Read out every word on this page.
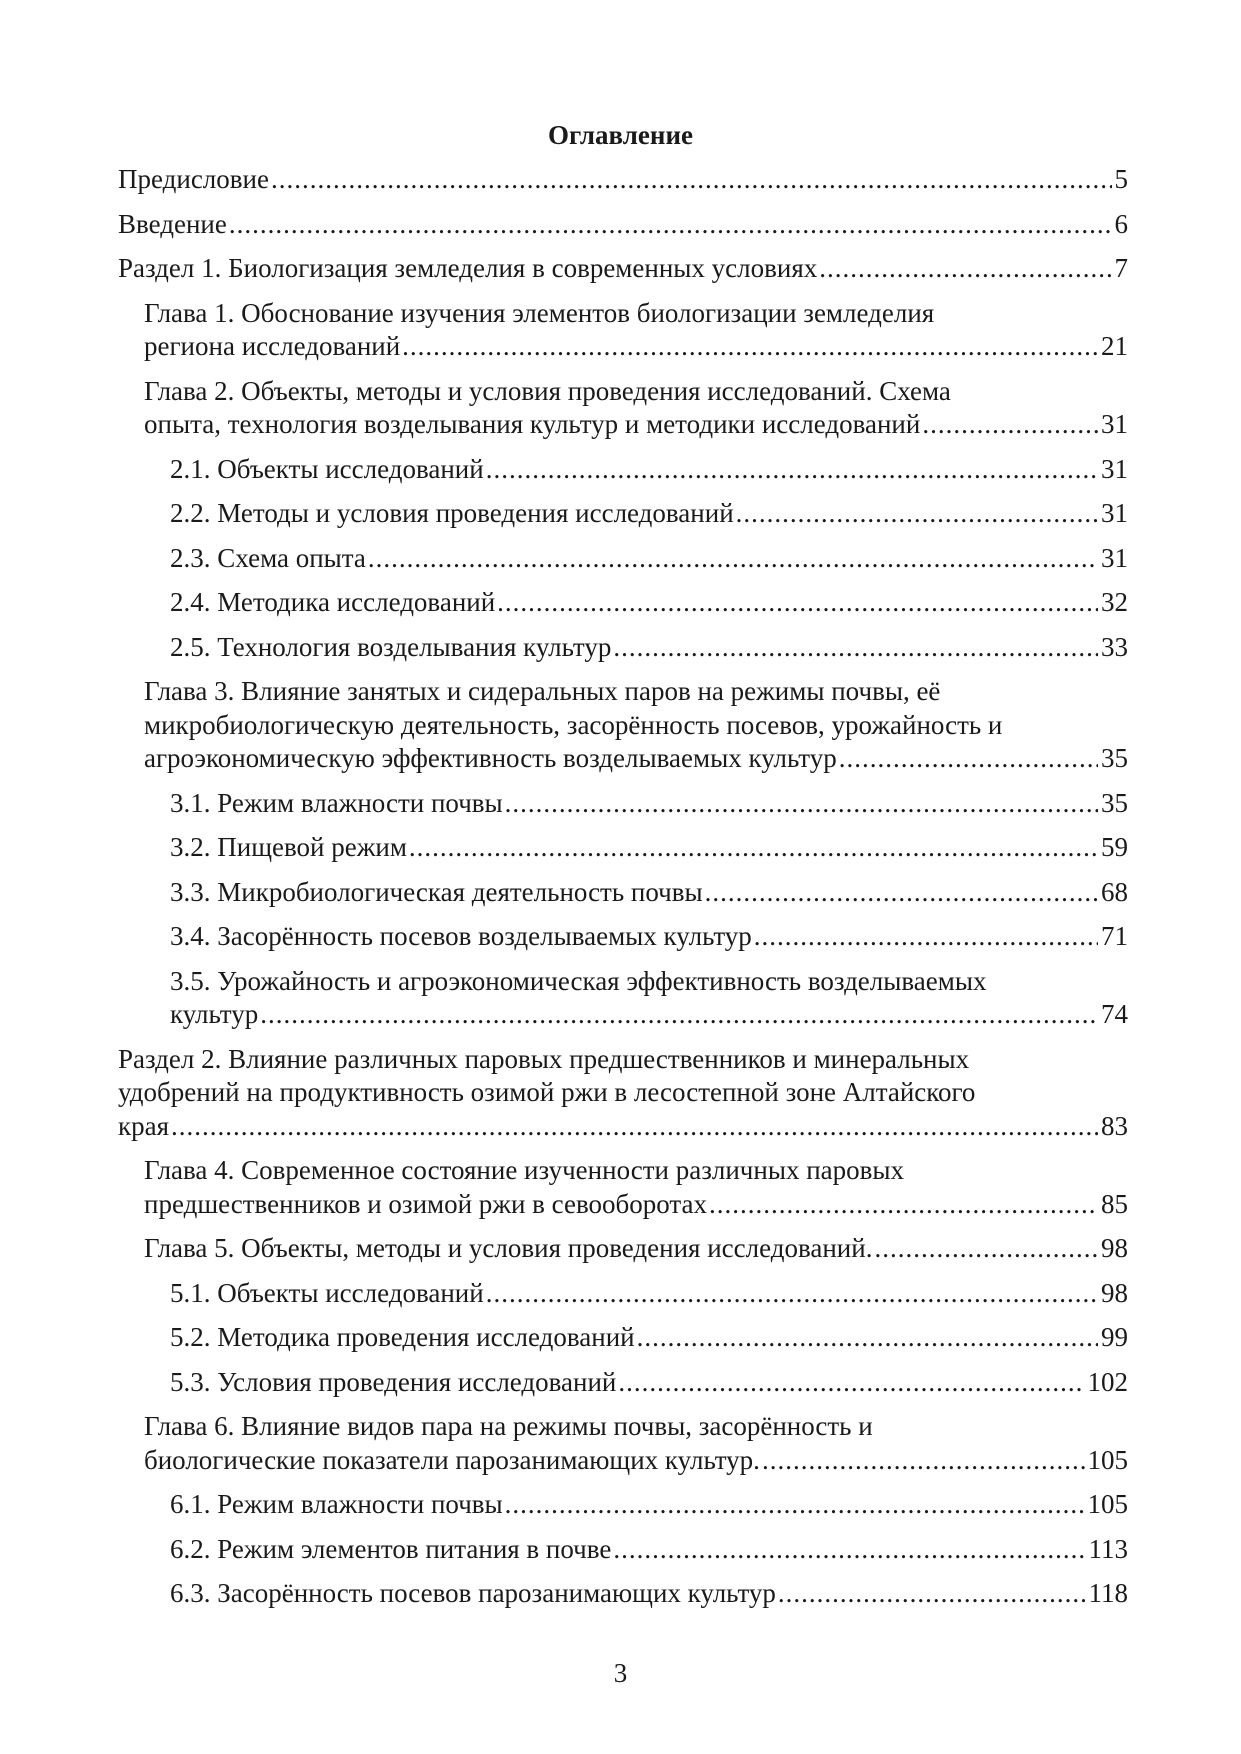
Оглавление
Предисловие .....	5
Введение .....	6
Раздел 1. Биологизация земледелия в современных условиях .....	7
Глава 1. Обоснование изучения элементов биологизации земледелия
региона исследований .....	21
Глава 2. Объекты, методы и условия проведения исследований. Схема
опыта, технология возделывания культур и методики исследований .....	31
2.1. Объекты исследований .....	31
2.2. Методы и условия проведения исследований .....	31
2.3. Схема опыта .....	31
2.4. Методика исследований .....	32
2.5. Технология возделывания культур .....	33
Глава 3. Влияние занятых и сидеральных паров на режимы почвы, её
микробиологическую деятельность, засорённость посевов, урожайность и
агроэкономическую эффективность возделываемых культур .....	35
3.1. Режим влажности почвы .....	35
3.2. Пищевой режим .....	59
3.3. Микробиологическая деятельность почвы .....	68
3.4. Засорённость посевов возделываемых культур .....	71
3.5. Урожайность и агроэкономическая эффективность возделываемых
культур .....	74
Раздел 2. Влияние различных паровых предшественников и минеральных
удобрений на продуктивность озимой ржи в лесостепной зоне Алтайского
края .....	83
Глава 4. Современное состояние изученности различных паровых
предшественников и озимой ржи в севооборотах .....	85
Глава 5. Объекты, методы и условия проведения исследований. .....	98
5.1. Объекты исследований .....	98
5.2. Методика проведения исследований .....	99
5.3. Условия проведения исследований .....	102
Глава 6. Влияние видов пара на режимы почвы, засорённость и
биологические показатели парозанимающих культур. .....	105
6.1. Режим влажности почвы .....	105
6.2. Режим элементов питания в почве .....	113
6.3. Засорённость посевов парозанимающих культур .....	118
3
